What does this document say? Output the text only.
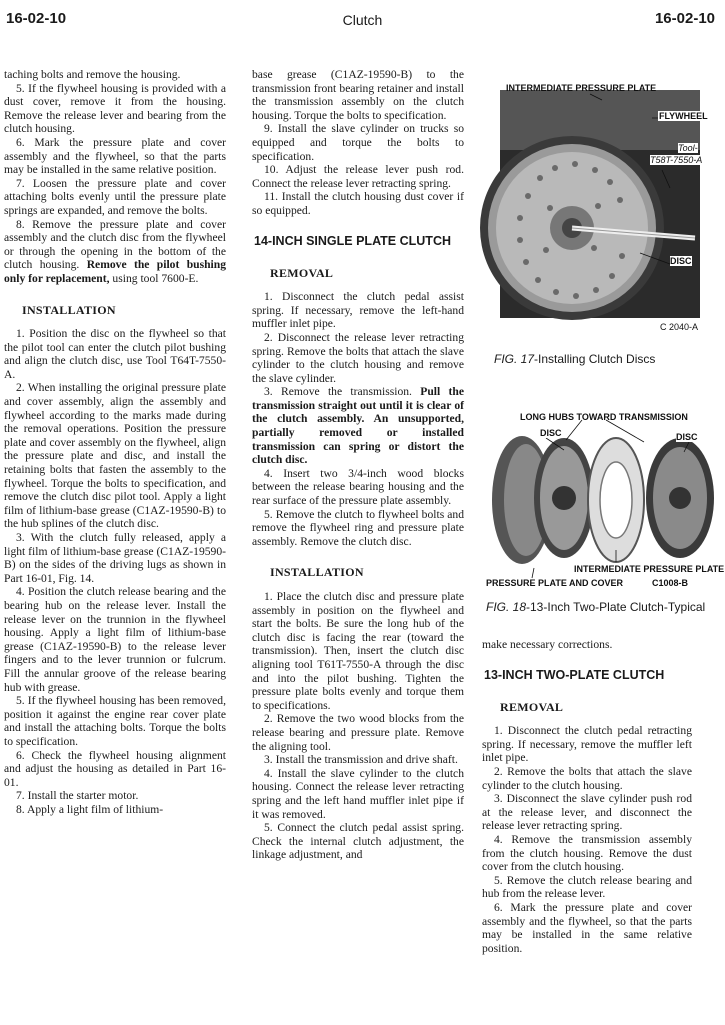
16-02-10	Clutch	16-02-10

taching bolts and remove the housing.

5. If the flywheel housing is provided with a dust cover, remove it from the housing. Remove the release lever and bearing from the clutch housing.

6. Mark the pressure plate and cover assembly and the flywheel, so that the parts may be installed in the same relative position.

7. Loosen the pressure plate and cover attaching bolts evenly until the pressure plate springs are expanded, and remove the bolts.

8. Remove the pressure plate and cover assembly and the clutch disc from the flywheel or through the opening in the bottom of the clutch housing. Remove the pilot bushing only for replacement, using tool 7600-E.

INSTALLATION

1. Position the disc on the flywheel so that the pilot tool can enter the clutch pilot bushing and align the clutch disc, use Tool T64T-7550-A.

2. When installing the original pressure plate and cover assembly, align the assembly and flywheel according to the marks made during the removal operations. Position the pressure plate and cover assembly on the flywheel, align the pressure plate and disc, and install the retaining bolts that fasten the assembly to the flywheel. Torque the bolts to specification, and remove the clutch disc pilot tool. Apply a light film of lithium-base grease (C1AZ-19590-B) to the hub splines of the clutch disc.

3. With the clutch fully released, apply a light film of lithium-base grease (C1AZ-19590-B) on the sides of the driving lugs as shown in Part 16-01, Fig. 14.

4. Position the clutch release bearing and the bearing hub on the release lever. Install the release lever on the trunnion in the flywheel housing. Apply a light film of lithium-base grease (C1AZ-19590-B) to the release lever fingers and to the lever trunnion or fulcrum. Fill the annular groove of the release bearing hub with grease.

5. If the flywheel housing has been removed, position it against the engine rear cover plate and install the attaching bolts. Torque the bolts to specification.

6. Check the flywheel housing alignment and adjust the housing as detailed in Part 16-01.

7. Install the starter motor.

8. Apply a light film of lithium-

base grease (C1AZ-19590-B) to the transmission front bearing retainer and install the transmission assembly on the clutch housing. Torque the bolts to specification.

9. Install the slave cylinder on trucks so equipped and torque the bolts to specification.

10. Adjust the release lever push rod. Connect the release lever retracting spring.

11. Install the clutch housing dust cover if so equipped.

14-INCH SINGLE PLATE CLUTCH
REMOVAL

1. Disconnect the clutch pedal assist spring. If necessary, remove the left-hand muffler inlet pipe.

2. Disconnect the release lever retracting spring. Remove the bolts that attach the slave cylinder to the clutch housing and remove the slave cylinder.

3. Remove the transmission. Pull the transmission straight out until it is clear of the clutch assembly. An unsupported, partially removed or installed transmission can spring or distort the clutch disc.

4. Insert two 3/4-inch wood blocks between the release bearing housing and the rear surface of the pressure plate assembly.

5. Remove the clutch to flywheel bolts and remove the flywheel ring and pressure plate assembly. Remove the clutch disc.

INSTALLATION

1. Place the clutch disc and pressure plate assembly in position on the flywheel and start the bolts. Be sure the long hub of the clutch disc is facing the rear (toward the transmission). Then, insert the clutch disc aligning tool T61T-7550-A through the disc and into the pilot bushing. Tighten the pressure plate bolts evenly and torque them to specifications.

2. Remove the two wood blocks from the release bearing and pressure plate. Remove the aligning tool.

3. Install the transmission and drive shaft.

4. Install the slave cylinder to the clutch housing. Connect the release lever retracting spring and the left hand muffler inlet pipe if it was removed.

5. Connect the clutch pedal assist spring. Check the internal clutch adjustment, the linkage adjustment, and

INTERMEDIATE PRESSURE PLATE
FLYWHEEL
Tool-
T58T-7550-A
DISC
C 2040-A
FIG. 17-Installing Clutch Discs
LONG HUBS TOWARD TRANSMISSION
DISC	DISC
INTERMEDIATE PRESSURE PLATE
PRESSURE PLATE AND COVER	C1008-B
FIG. 18-13-Inch Two-Plate Clutch-Typical

make necessary corrections.

13-INCH TWO-PLATE CLUTCH
REMOVAL

1. Disconnect the clutch pedal retracting spring. If necessary, remove the muffler left inlet pipe.

2. Remove the bolts that attach the slave cylinder to the clutch housing.

3. Disconnect the slave cylinder push rod at the release lever, and disconnect the release lever retracting spring.

4. Remove the transmission assembly from the clutch housing. Remove the dust cover from the clutch housing.

5. Remove the clutch release bearing and hub from the release lever.

6. Mark the pressure plate and cover assembly and the flywheel, so that the parts may be installed in the same relative position.
